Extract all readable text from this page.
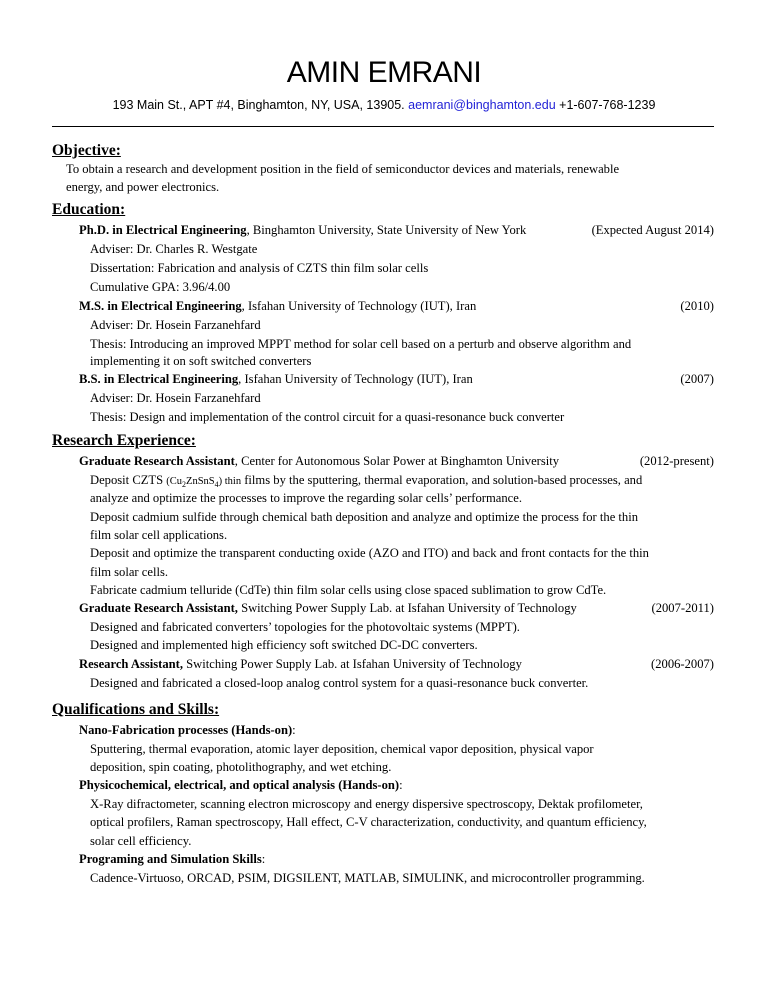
AMIN EMRANI
193 Main St., APT #4, Binghamton, NY, USA, 13905. aemrani@binghamton.edu +1-607-768-1239
Objective:
To obtain a research and development position in the field of semiconductor devices and materials, renewable
energy, and power electronics.
Education:
Ph.D. in Electrical Engineering, Binghamton University, State University of New York	(Expected August 2014)
Adviser: Dr. Charles R. Westgate
Dissertation: Fabrication and analysis of CZTS thin film solar cells
Cumulative GPA: 3.96/4.00
M.S. in Electrical Engineering, Isfahan University of Technology (IUT), Iran	(2010)
Adviser: Dr. Hosein Farzanehfard
Thesis: Introducing an improved MPPT method for solar cell based on a perturb and observe algorithm and
implementing it on soft switched converters
B.S. in Electrical Engineering, Isfahan University of Technology (IUT), Iran	(2007)
Adviser: Dr. Hosein Farzanehfard
Thesis: Design and implementation of the control circuit for a quasi-resonance buck converter
Research Experience:
Graduate Research Assistant, Center for Autonomous Solar Power at Binghamton University	(2012-present)
Deposit CZTS $(Cu_2ZnSnS_4)$ thin films by the sputtering, thermal evaporation, and solution-based processes, and
analyze and optimize the processes to improve the regarding solar cells’ performance.
Deposit cadmium sulfide through chemical bath deposition and analyze and optimize the process for the thin
film solar cell applications.
Deposit and optimize the transparent conducting oxide (AZO and ITO) and back and front contacts for the thin
film solar cells.
Fabricate cadmium telluride (CdTe) thin film solar cells using close spaced sublimation to grow CdTe.
Graduate Research Assistant, Switching Power Supply Lab. at Isfahan University of Technology	(2007-2011)
Designed and fabricated converters’ topologies for the photovoltaic systems (MPPT).
Designed and implemented high efficiency soft switched DC-DC converters.
Research Assistant, Switching Power Supply Lab. at Isfahan University of Technology	(2006-2007)
Designed and fabricated a closed-loop analog control system for a quasi-resonance buck converter.
Qualifications and Skills:
Nano-Fabrication processes (Hands-on):
Sputtering, thermal evaporation, atomic layer deposition, chemical vapor deposition, physical vapor
deposition, spin coating, photolithography, and wet etching.
Physicochemical, electrical, and optical analysis (Hands-on):
X-Ray difractometer, scanning electron microscopy and energy dispersive spectroscopy, Dektak profilometer,
optical profilers, Raman spectroscopy, Hall effect, C-V characterization, conductivity, and quantum efficiency,
solar cell efficiency.
Programing and Simulation Skills:
Cadence-Virtuoso, ORCAD, PSIM, DIGSILENT, MATLAB, SIMULINK, and microcontroller programming.
